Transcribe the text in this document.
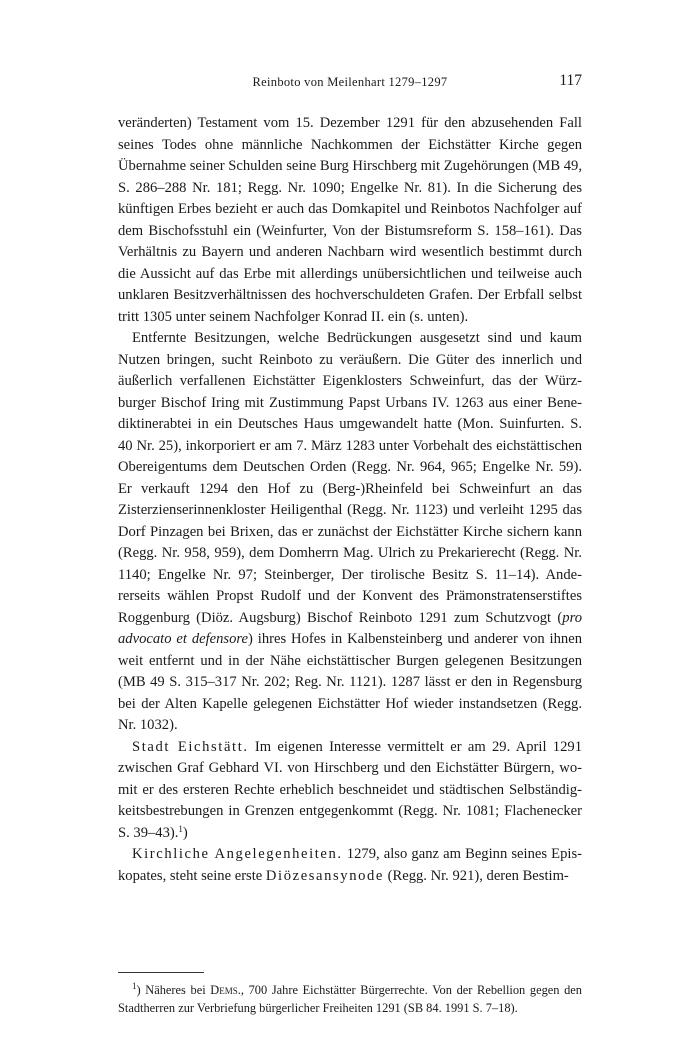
Reinboto von Meilenhart 1279–1297	117

veränderten) Testament vom 15. Dezember 1291 für den abzusehenden Fall seines Todes ohne männliche Nachkommen der Eichstätter Kirche gegen Übernahme seiner Schulden seine Burg Hirschberg mit Zugehörungen (MB 49, S. 286–288 Nr. 181; Regg. Nr. 1090; Engelke Nr. 81). In die Sicherung des künftigen Erbes bezieht er auch das Domkapitel und Reinbotos Nachfolger auf dem Bischofsstuhl ein (Weinfurter, Von der Bistumsreform S. 158–161). Das Verhältnis zu Bayern und anderen Nachbarn wird wesentlich bestimmt durch die Aussicht auf das Erbe mit allerdings unübersichtlichen und teilweise auch unklaren Besitzverhältnissen des hochverschuldeten Grafen. Der Erbfall selbst tritt 1305 unter seinem Nachfolger Konrad II. ein (s. unten).

Entfernte Besitzungen, welche Bedrückungen ausgesetzt sind und kaum Nutzen bringen, sucht Reinboto zu veräußern. Die Güter des innerlich und äußerlich verfallenen Eichstätter Eigenklosters Schweinfurt, das der Würzburger Bischof Iring mit Zustimmung Papst Urbans IV. 1263 aus einer Benediktinerabtei in ein Deutsches Haus umgewandelt hatte (Mon. Suinfurten. S. 40 Nr. 25), inkorporiert er am 7. März 1283 unter Vorbehalt des eichstättischen Obereigentums dem Deutschen Orden (Regg. Nr. 964, 965; Engelke Nr. 59). Er verkauft 1294 den Hof zu (Berg-)Rheinfeld bei Schweinfurt an das Zisterzienserinnenkloster Heiligenthal (Regg. Nr. 1123) und verleiht 1295 das Dorf Pinzagen bei Brixen, das er zunächst der Eichstätter Kirche sichern kann (Regg. Nr. 958, 959), dem Domherrn Mag. Ulrich zu Prekarierecht (Regg. Nr. 1140; Engelke Nr. 97; Steinberger, Der tirolische Besitz S. 11–14). Andererseits wählen Propst Rudolf und der Konvent des Prämonstratenserstiftes Roggenburg (Diöz. Augsburg) Bischof Reinboto 1291 zum Schutzvogt (pro advocato et defensore) ihres Hofes in Kalbensteinberg und anderer von ihnen weit entfernt und in der Nähe eichstättischer Burgen gelegenen Besitzungen (MB 49 S. 315–317 Nr. 202; Reg. Nr. 1121). 1287 lässt er den in Regensburg bei der Alten Kapelle gelegenen Eichstätter Hof wieder instandsetzen (Regg. Nr. 1032).

Stadt Eichstätt. Im eigenen Interesse vermittelt er am 29. April 1291 zwischen Graf Gebhard VI. von Hirschberg und den Eichstätter Bürgern, womit er des ersteren Rechte erheblich beschneidet und städtischen Selbständigkeitsbestrebungen in Grenzen entgegenkommt (Regg. Nr. 1081; Flachenecker S. 39–43).$^1$)

Kirchliche Angelegenheiten. 1279, also ganz am Beginn seines Episkopates, steht seine erste Diözesansynode (Regg. Nr. 921), deren Bestim-

$^1$) Näheres bei Dems., 700 Jahre Eichstätter Bürgerrechte. Von der Rebellion gegen den Stadtherren zur Verbriefung bürgerlicher Freiheiten 1291 (SB 84. 1991 S. 7–18).
